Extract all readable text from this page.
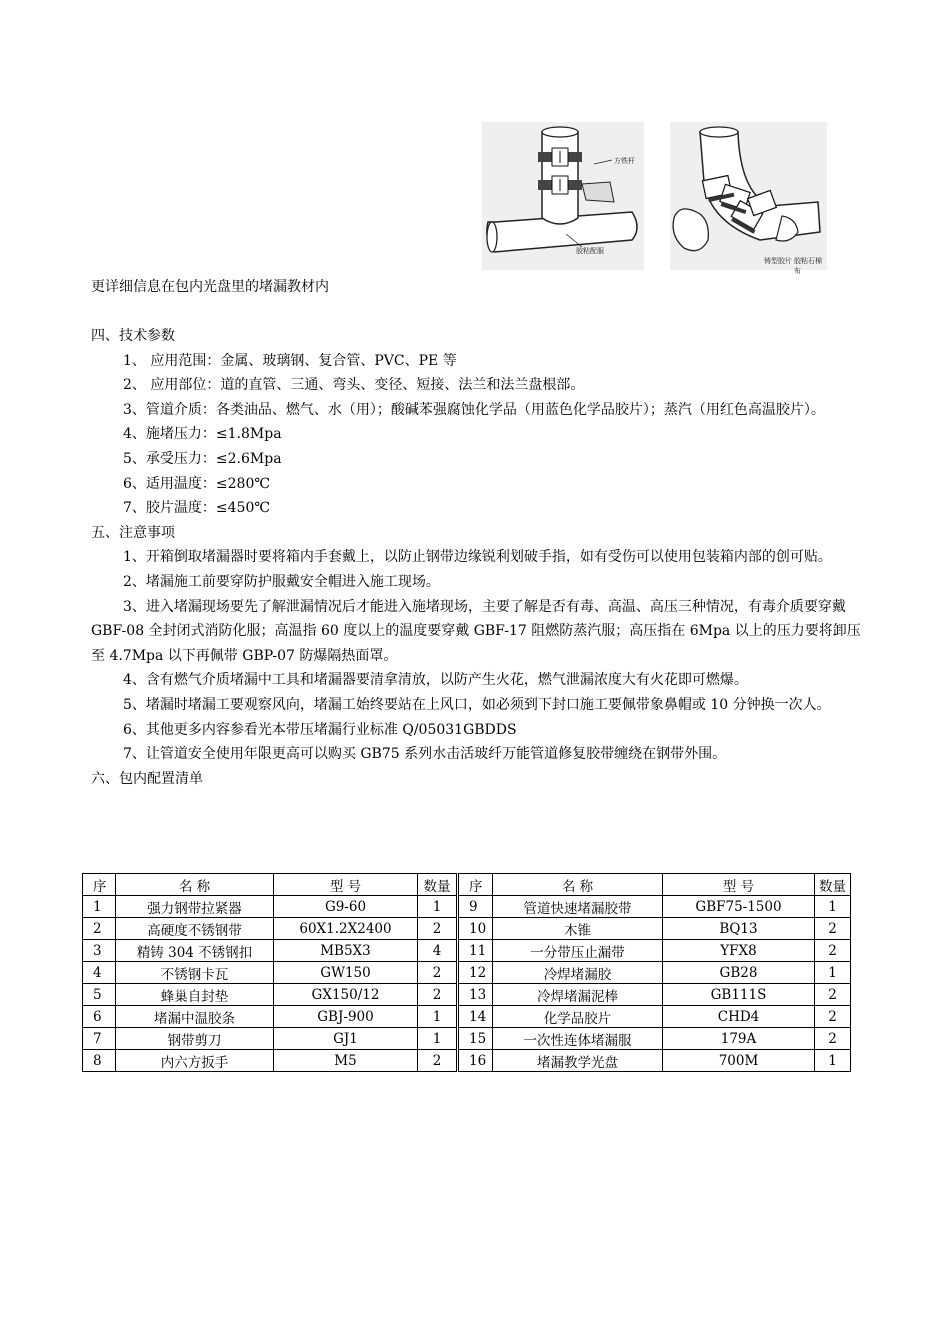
方铁杆
胶粘配服
铸型胶片 胶粘石棉布
更详细信息在包内光盘里的堵漏教材内

四、技术参数

1、 应用范围：金属、玻璃钢、复合管、PVC、PE 等

2、 应用部位：道的直管、三通、弯头、变径、短接、法兰和法兰盘根部。

3、管道介质：各类油品、燃气、水（用）；酸碱苯强腐蚀化学品（用蓝色化学品胶片）；蒸汽（用红色高温胶片）。

4、施堵压力：≤1.8Mpa

5、承受压力：≤2.6Mpa

6、适用温度：≤280℃

7、胶片温度：≤450℃

五、注意事项

1、开箱倒取堵漏器时要将箱内手套戴上，以防止钢带边缘锐利划破手指，如有受伤可以使用包装箱内部的创可贴。

2、堵漏施工前要穿防护服戴安全帽进入施工现场。

3、进入堵漏现场要先了解泄漏情况后才能进入施堵现场，主要了解是否有毒、高温、高压三种情况，有毒介质要穿戴 GBF-08 全封闭式消防化服；高温指 60 度以上的温度要穿戴 GBF-17 阻燃防蒸汽服；高压指在 6Mpa 以上的压力要将卸压至 4.7Mpa 以下再佩带 GBP-07 防爆隔热面罩。

4、含有燃气介质堵漏中工具和堵漏器要清拿清放，以防产生火花，燃气泄漏浓度大有火花即可燃爆。

5、堵漏时堵漏工要观察风向，堵漏工始终要站在上风口，如必须到下封口施工要佩带象鼻帽或 10 分钟换一次人。

6、其他更多内容参看光本带压堵漏行业标准 Q/05031GBDDS

7、让管道安全使用年限更高可以购买 GB75 系列水击活玻纤万能管道修复胶带缠绕在钢带外围。

六、包内配置清单

序	名 称	型 号	数量	序	名 称	型 号	数量
1	强力钢带拉紧器	G9-60	1	9	管道快速堵漏胶带	GBF75-1500	1
2	高硬度不锈钢带	60X1.2X2400	2	10	木锥	BQ13	2
3	精铸 304 不锈钢扣	MB5X3	4	11	一分带压止漏带	YFX8	2
4	不锈钢卡瓦	GW150	2	12	冷焊堵漏胶	GB28	1
5	蜂巢自封垫	GX150/12	2	13	冷焊堵漏泥棒	GB111S	2
6	堵漏中温胶条	GBJ-900	1	14	化学品胶片	CHD4	2
7	钢带剪刀	GJ1	1	15	一次性连体堵漏服	179A	2
8	内六方扳手	M5	2	16	堵漏教学光盘	700M	1
